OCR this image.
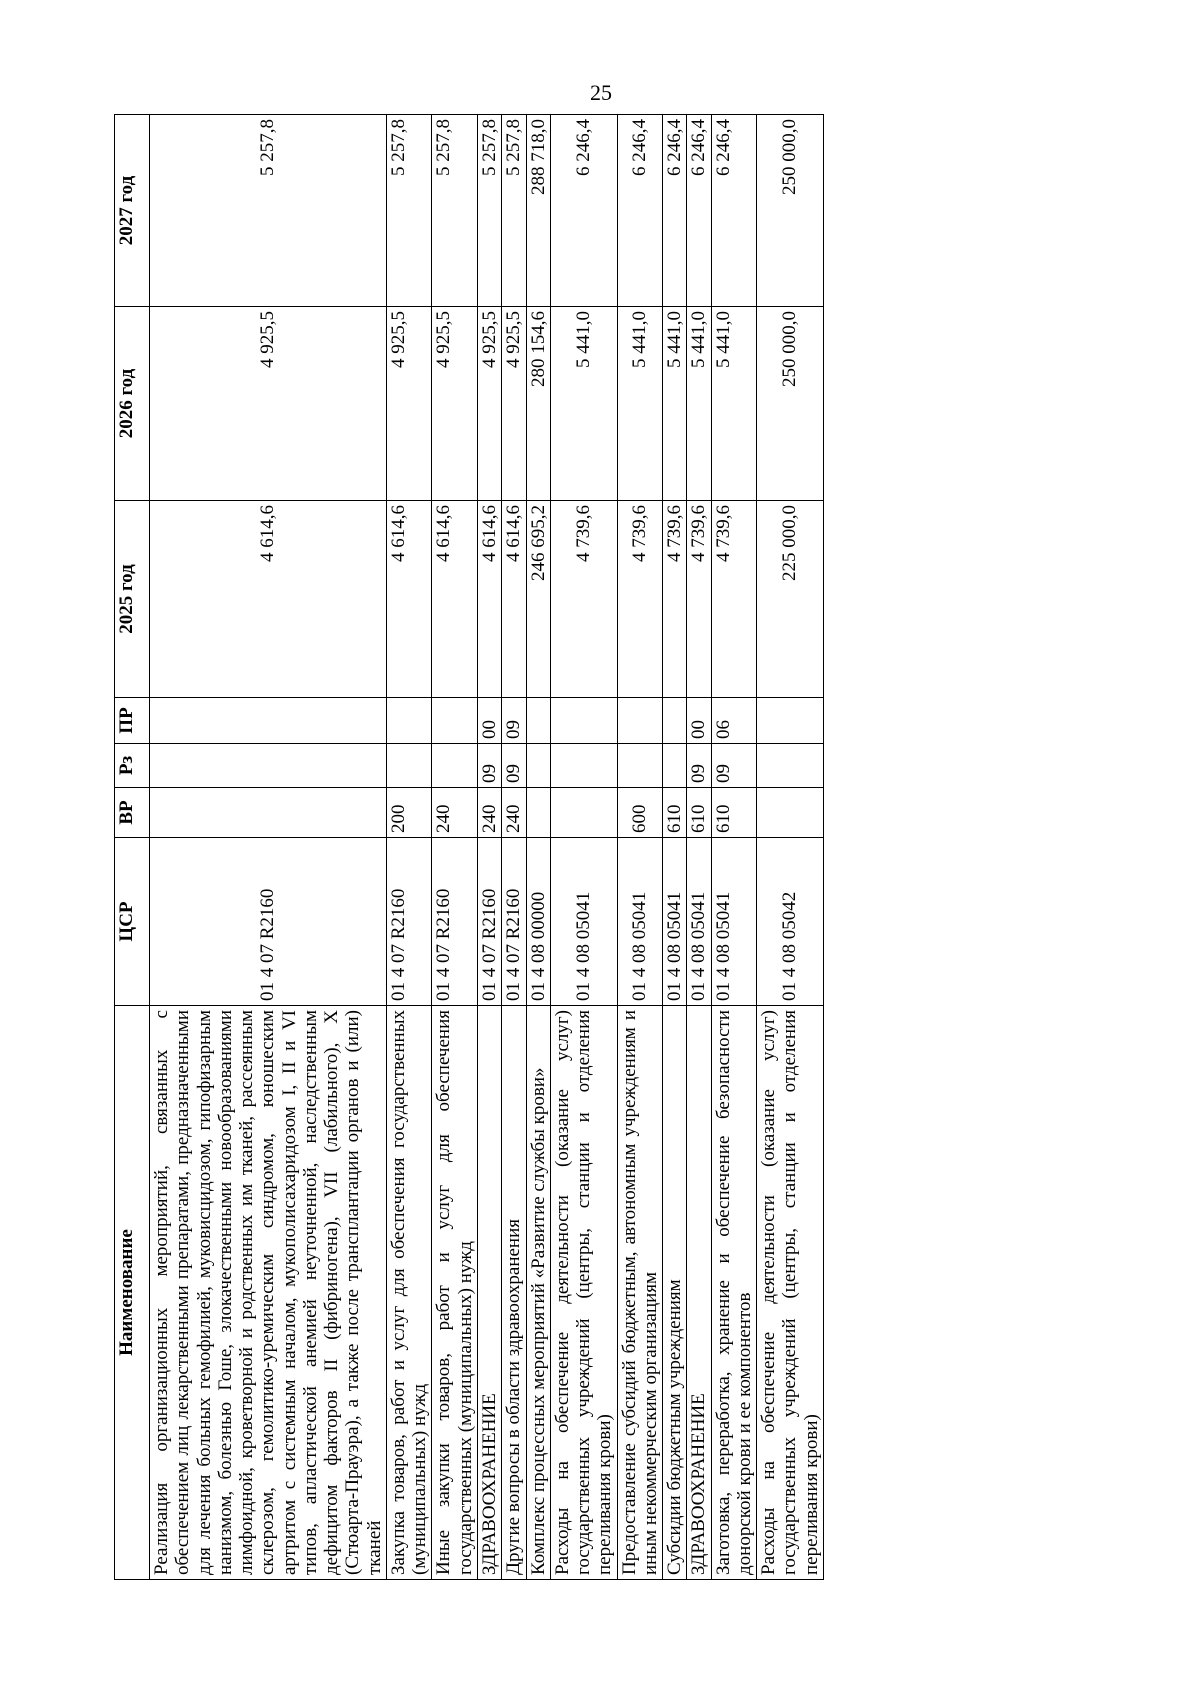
25
Наименование	ЦСР	ВР	Рз	ПР	2025 год	2026 год	2027 год
Реализация организационных мероприятий, связанных с обеспечением лиц лекарственными препаратами, предназначенными для лечения больных гемофилией, муковисцидозом, гипофизарным нанизмом, болезнью Гоше, злокачественными новообразованиями лимфоидной, кроветворной и родственных им тканей, рассеянным склерозом, гемолитико-уремическим синдромом, юношеским артритом с системным началом, мукополисахаридозом I, II и VI типов, апластической анемией неуточненной, наследственным дефицитом факторов II (фибриногена), VII (лабильного), X (Стюарта-Прауэра), а также после трансплантации органов и (или) тканей	01 4 07 R2160				4 614,6	4 925,5	5 257,8
Закупка товаров, работ и услуг для обеспечения государственных (муниципальных) нужд	01 4 07 R2160	200			4 614,6	4 925,5	5 257,8
Иные закупки товаров, работ и услуг для обеспечения государственных (муниципальных) нужд	01 4 07 R2160	240			4 614,6	4 925,5	5 257,8
ЗДРАВООХРАНЕНИЕ	01 4 07 R2160	240	09	00	4 614,6	4 925,5	5 257,8
Другие вопросы в области здравоохранения	01 4 07 R2160	240	09	09	4 614,6	4 925,5	5 257,8
Комплекс процессных мероприятий «Развитие службы крови»	01 4 08 00000				246 695,2	280 154,6	288 718,0
Расходы на обеспечение деятельности (оказание услуг) государственных учреждений (центры, станции и отделения переливания крови)	01 4 08 05041				4 739,6	5 441,0	6 246,4
Предоставление субсидий бюджетным, автономным учреждениям и иным некоммерческим организациям	01 4 08 05041	600			4 739,6	5 441,0	6 246,4
Субсидии бюджетным учреждениям	01 4 08 05041	610			4 739,6	5 441,0	6 246,4
ЗДРАВООХРАНЕНИЕ	01 4 08 05041	610	09	00	4 739,6	5 441,0	6 246,4
Заготовка, переработка, хранение и обеспечение безопасности донорской крови и ее компонентов	01 4 08 05041	610	09	06	4 739,6	5 441,0	6 246,4
Расходы на обеспечение деятельности (оказание услуг) государственных учреждений (центры, станции и отделения переливания крови)	01 4 08 05042				225 000,0	250 000,0	250 000,0
